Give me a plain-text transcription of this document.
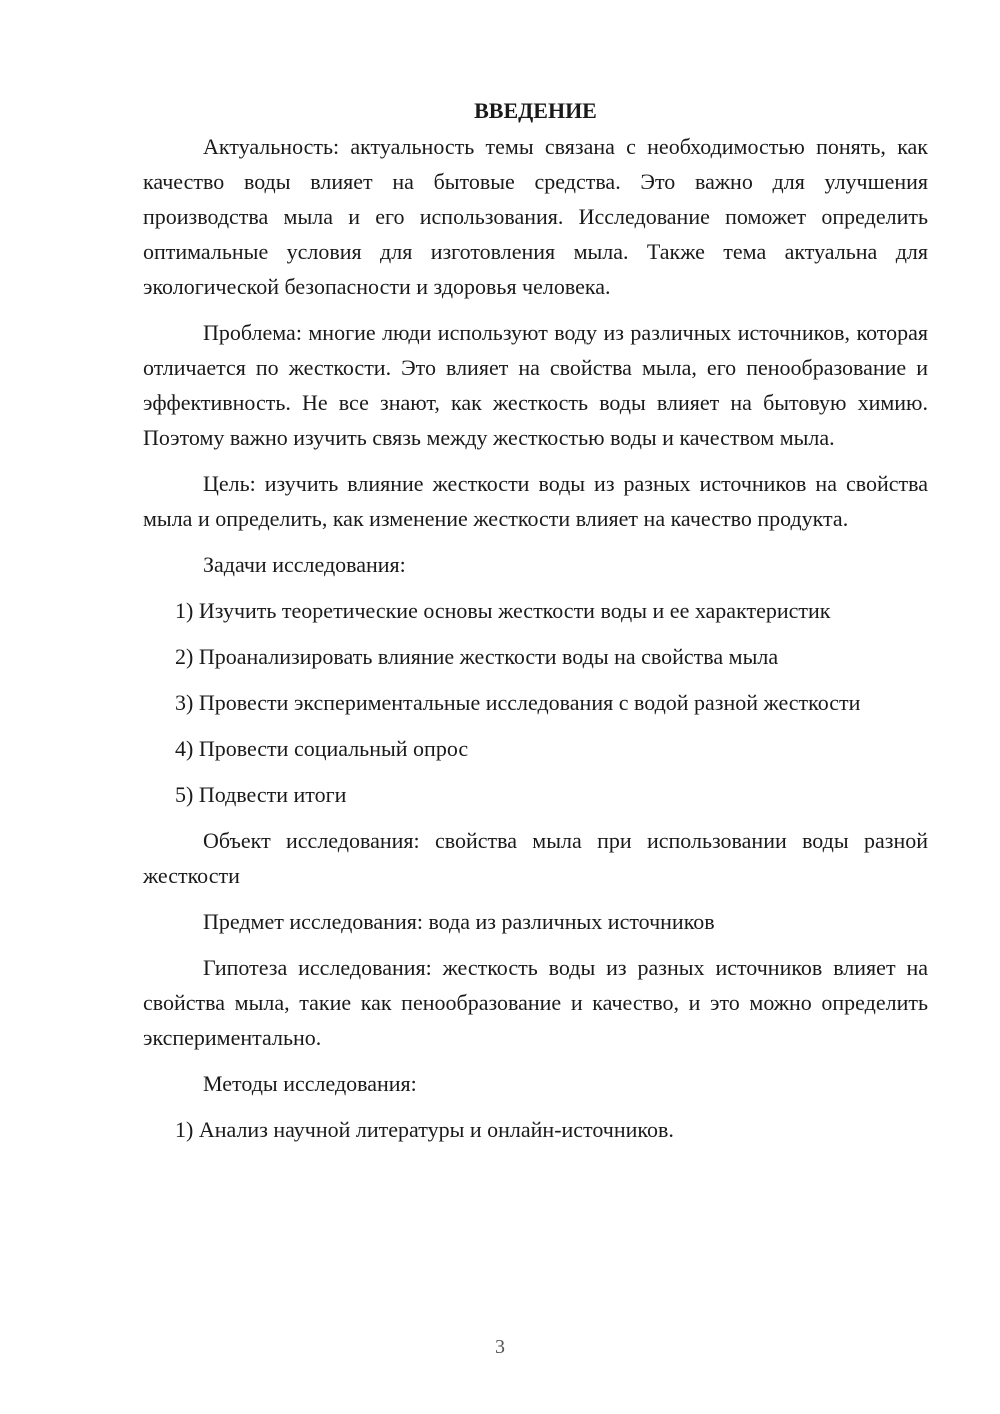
ВВЕДЕНИЕ

Актуальность: актуальность темы связана с необходимостью понять, как качество воды влияет на бытовые средства. Это важно для улучшения производства мыла и его использования. Исследование поможет определить оптимальные условия для изготовления мыла. Также тема актуальна для экологической безопасности и здоровья человека.

Проблема: многие люди используют воду из различных источников, которая отличается по жесткости. Это влияет на свойства мыла, его пенообразование и эффективность. Не все знают, как жесткость воды влияет на бытовую химию. Поэтому важно изучить связь между жесткостью воды и качеством мыла.

Цель: изучить влияние жесткости воды из разных источников на свойства мыла и определить, как изменение жесткости влияет на качество продукта.

Задачи исследования:

1) Изучить теоретические основы жесткости воды и ее характеристик

2) Проанализировать влияние жесткости воды на свойства мыла

3) Провести экспериментальные исследования с водой разной жесткости

4) Провести социальный опрос

5) Подвести итоги

Объект исследования: свойства мыла при использовании воды разной жесткости

Предмет исследования: вода из различных источников

Гипотеза исследования: жесткость воды из разных источников влияет на свойства мыла, такие как пенообразование и качество, и это можно определить экспериментально.

Методы исследования:

1) Анализ научной литературы и онлайн-источников.

3
